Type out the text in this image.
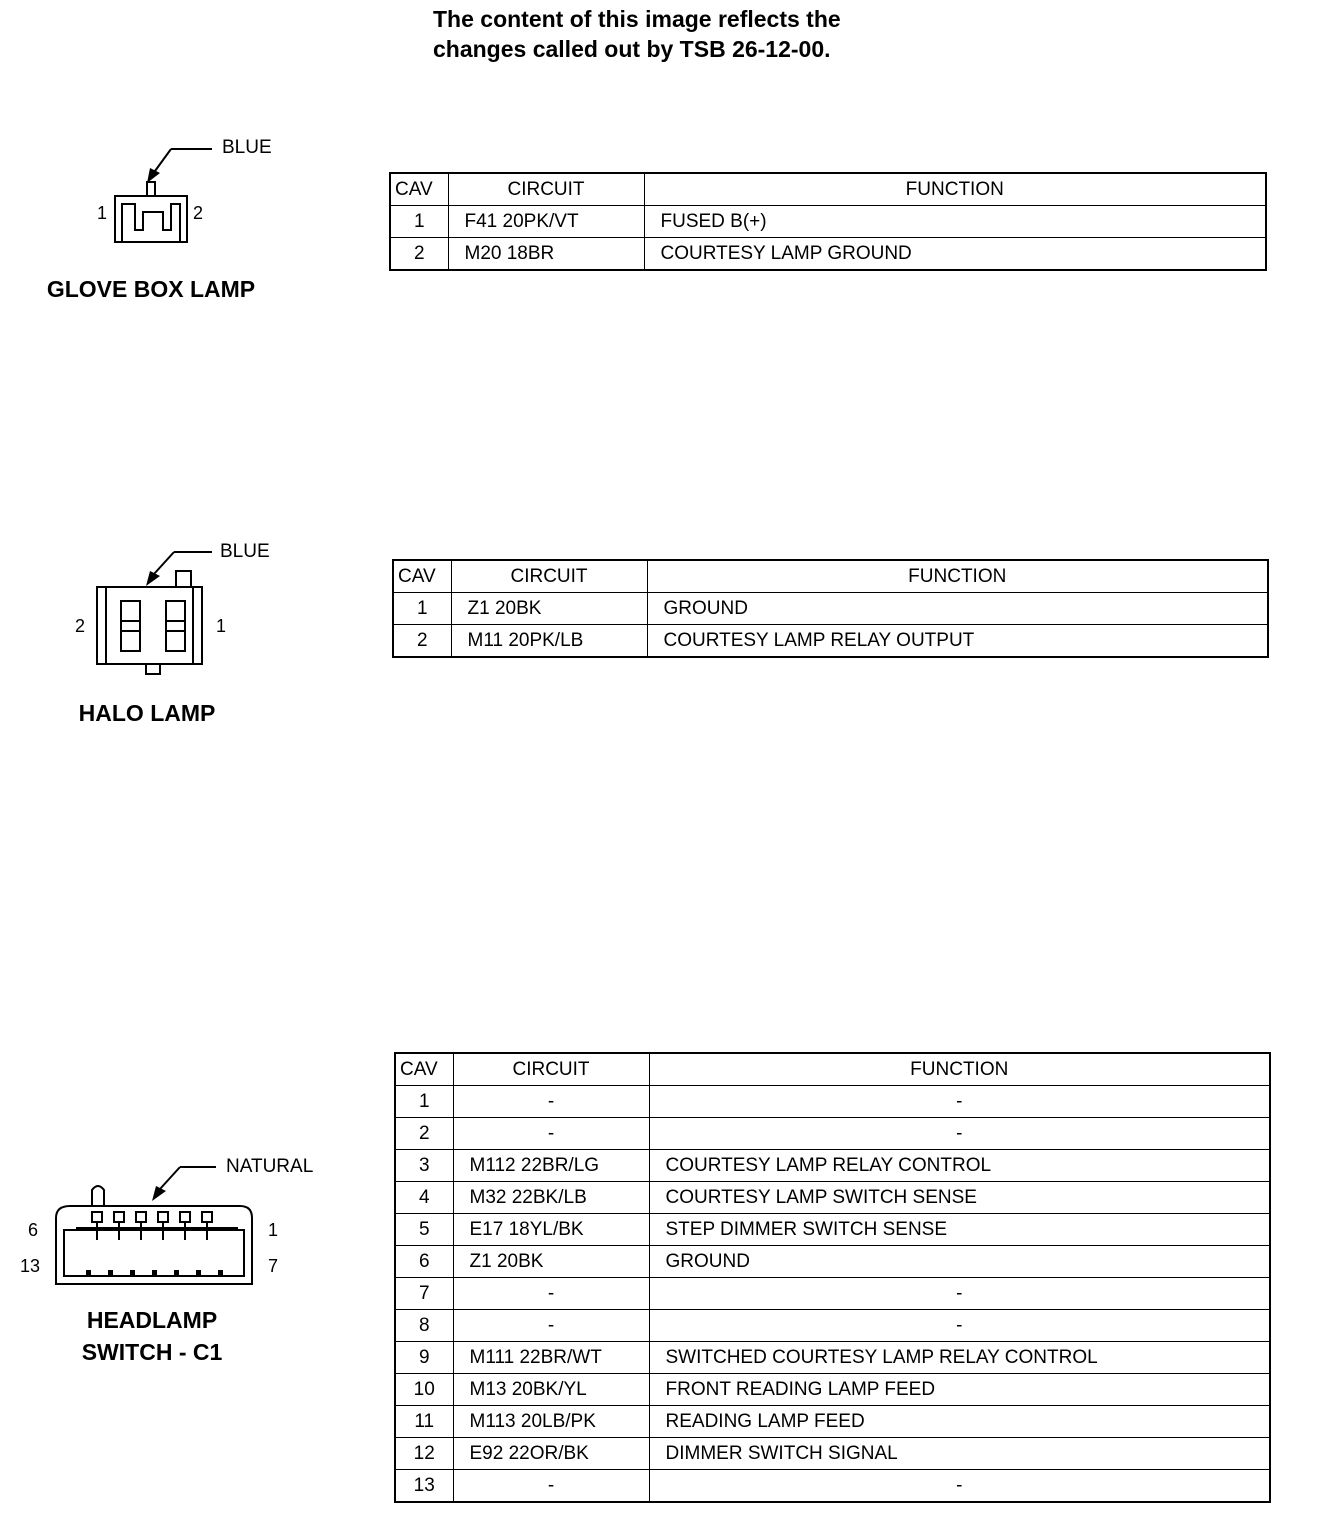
The content of this image reflects the
changes called out by TSB 26-12-00.
BLUE
1	2
GLOVE BOX LAMP
BLUE
2	1
HALO LAMP
NATURAL
6	1
13	7
HEADLAMP
SWITCH - C1
CAV	CIRCUIT	FUNCTION
1	F41 20PK/VT	FUSED B(+)
2	M20 18BR	COURTESY LAMP GROUND
CAV	CIRCUIT	FUNCTION
1	Z1 20BK	GROUND
2	M11 20PK/LB	COURTESY LAMP RELAY OUTPUT
CAV	CIRCUIT	FUNCTION
1	-	-
2	-	-
3	M112 22BR/LG	COURTESY LAMP RELAY CONTROL
4	M32 22BK/LB	COURTESY LAMP SWITCH SENSE
5	E17 18YL/BK	STEP DIMMER SWITCH SENSE
6	Z1 20BK	GROUND
7	-	-
8	-	-
9	M111 22BR/WT	SWITCHED COURTESY LAMP RELAY CONTROL
10	M13 20BK/YL	FRONT READING LAMP FEED
11	M113 20LB/PK	READING LAMP FEED
12	E92 22OR/BK	DIMMER SWITCH SIGNAL
13	-	-
